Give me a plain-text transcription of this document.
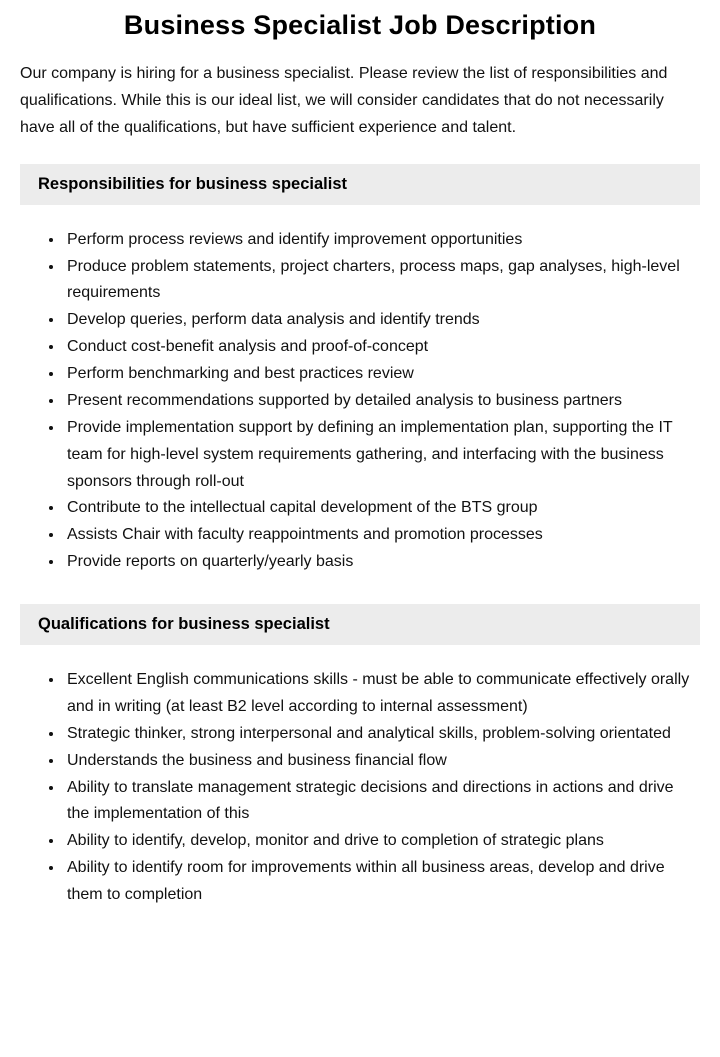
Business Specialist Job Description

Our company is hiring for a business specialist. Please review the list of responsibilities and qualifications. While this is our ideal list, we will consider candidates that do not necessarily have all of the qualifications, but have sufficient experience and talent.

Responsibilities for business specialist
• Perform process reviews and identify improvement opportunities
• Produce problem statements, project charters, process maps, gap analyses, high-level requirements
• Develop queries, perform data analysis and identify trends
• Conduct cost-benefit analysis and proof-of-concept
• Perform benchmarking and best practices review
• Present recommendations supported by detailed analysis to business partners
• Provide implementation support by defining an implementation plan, supporting the IT team for high-level system requirements gathering, and interfacing with the business sponsors through roll-out
• Contribute to the intellectual capital development of the BTS group
• Assists Chair with faculty reappointments and promotion processes
• Provide reports on quarterly/yearly basis
Qualifications for business specialist
• Excellent English communications skills - must be able to communicate effectively orally and in writing (at least B2 level according to internal assessment)
• Strategic thinker, strong interpersonal and analytical skills, problem-solving orientated
• Understands the business and business financial flow
• Ability to translate management strategic decisions and directions in actions and drive the implementation of this
• Ability to identify, develop, monitor and drive to completion of strategic plans
• Ability to identify room for improvements within all business areas, develop and drive them to completion
